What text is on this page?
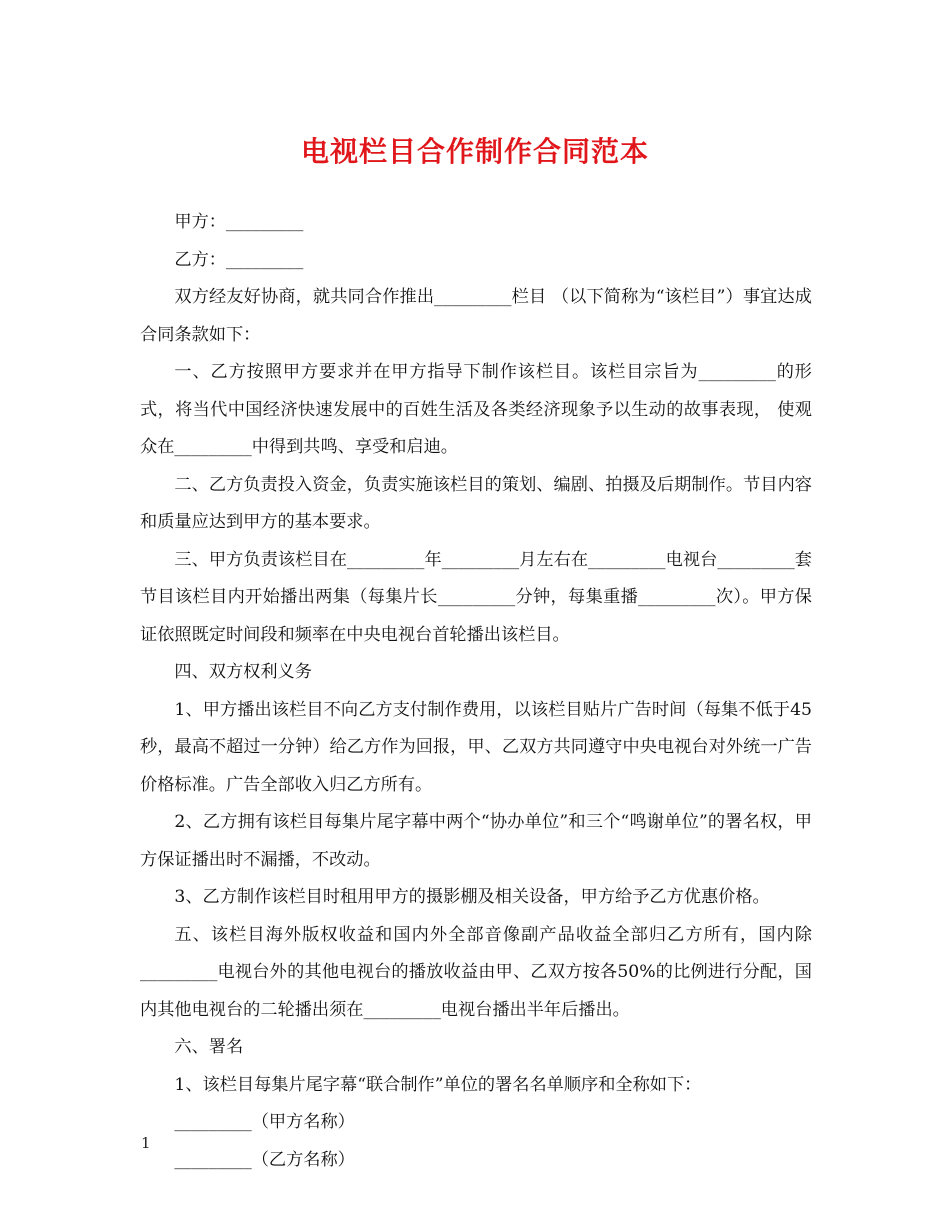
电视栏目合作制作合同范本

甲方：_________

乙方：_________

双方经友好协商，就共同合作推出_________栏目 （以下简称为“该栏目”）事宜达成合同条款如下：

一、乙方按照甲方要求并在甲方指导下制作该栏目。该栏目宗旨为_________的形式，将当代中国经济快速发展中的百姓生活及各类经济现象予以生动的故事表现， 使观众在_________中得到共鸣、享受和启迪。

二、乙方负责投入资金，负责实施该栏目的策划、编剧、拍摄及后期制作。节目内容和质量应达到甲方的基本要求。

三、甲方负责该栏目在_________年_________月左右在_________电视台_________套节目该栏目内开始播出两集（每集片长_________分钟，每集重播_________次）。甲方保证依照既定时间段和频率在中央电视台首轮播出该栏目。

四、双方权利义务

1、甲方播出该栏目不向乙方支付制作费用，以该栏目贴片广告时间（每集不低于45秒，最高不超过一分钟）给乙方作为回报，甲、乙双方共同遵守中央电视台对外统一广告价格标准。广告全部收入归乙方所有。

2、乙方拥有该栏目每集片尾字幕中两个“协办单位”和三个“鸣谢单位”的署名权，甲方保证播出时不漏播，不改动。

3、乙方制作该栏目时租用甲方的摄影棚及相关设备，甲方给予乙方优惠价格。

五、该栏目海外版权收益和国内外全部音像副产品收益全部归乙方所有，国内除_________电视台外的其他电视台的播放收益由甲、乙双方按各50%的比例进行分配，国内其他电视台的二轮播出须在_________电视台播出半年后播出。

六、署名

1、该栏目每集片尾字幕“联合制作”单位的署名名单顺序和全称如下：

_________（甲方名称）

_________（乙方名称）

1
